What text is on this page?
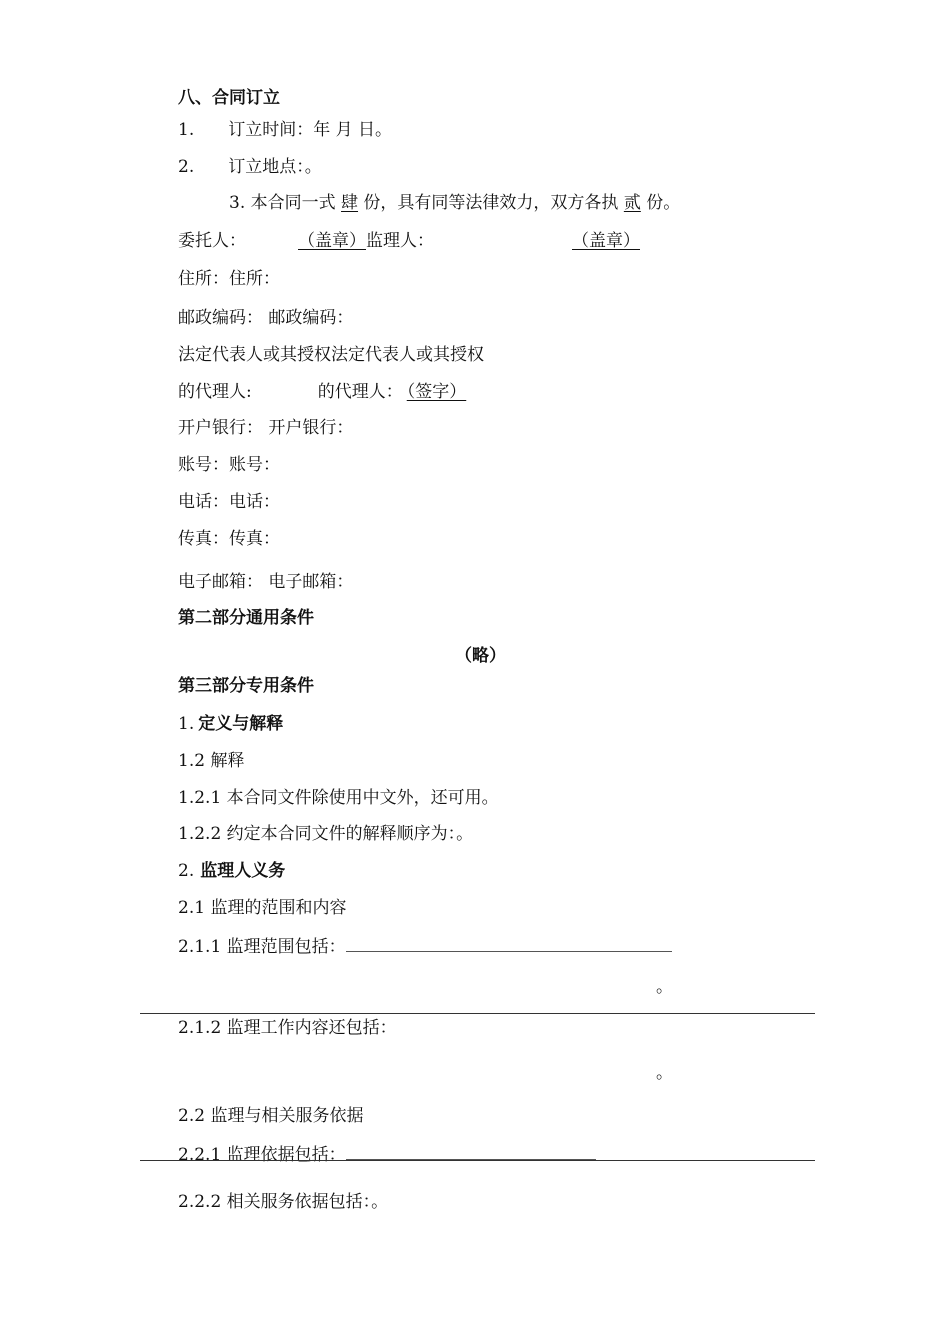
八、合同订立
1. 订立时间：年 月 日。
2. 订立地点：。
3. 本合同一式 肆 份，具有同等法律效力，双方各执 贰 份。
委托人：	（盖章）监理人：	（盖章）
住所：住所：
邮政编码： 邮政编码：
法定代表人或其授权法定代表人或其授权
的代理人:	的代理人： （签字）
开户银行： 开户银行：
账号：账号：
电话：电话：
传真：传真：
电子邮箱： 电子邮箱：
第二部分通用条件
（略）
第三部分专用条件
1. 定义与解释
1.2 解释
1.2.1 本合同文件除使用中文外，还可用。
1.2.2 约定本合同文件的解释顺序为：。
2. 监理人义务
2.1 监理的范围和内容
2.1.1 监理范围包括：
。
2.1.2 监理工作内容还包括：
。
2.2 监理与相关服务依据
2.2.1 监理依据包括：
2.2.2 相关服务依据包括：。
